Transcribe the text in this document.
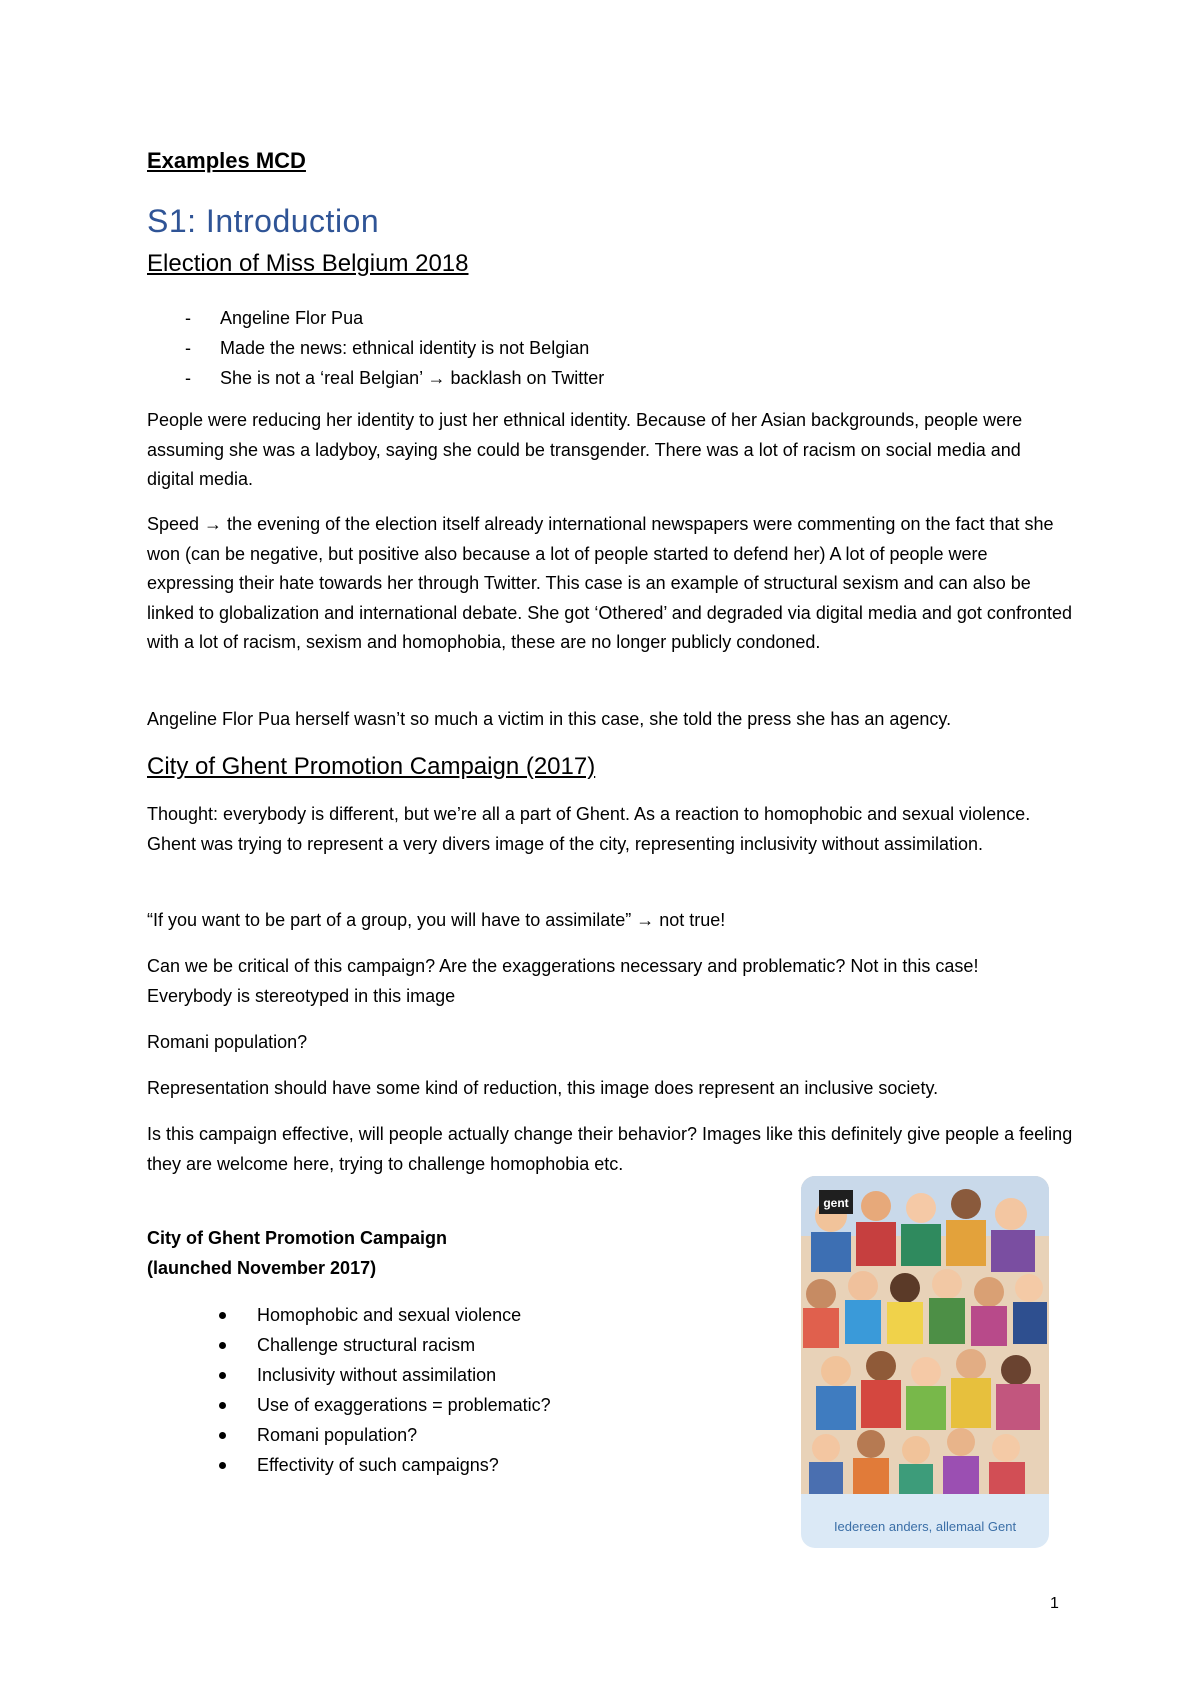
Examples MCD
S1: Introduction
Election of Miss Belgium 2018
- Angeline Flor Pua
- Made the news: ethnical identity is not Belgian
- She is not a ‘real Belgian’ → backlash on Twitter

People were reducing her identity to just her ethnical identity. Because of her Asian backgrounds, people were assuming she was a ladyboy, saying she could be transgender. There was a lot of racism on social media and digital media.

Speed → the evening of the election itself already international newspapers were commenting on the fact that she won (can be negative, but positive also because a lot of people started to defend her) A lot of people were expressing their hate towards her through Twitter. This case is an example of structural sexism and can also be linked to globalization and international debate. She got ‘Othered’ and degraded via digital media and got confronted with a lot of racism, sexism and homophobia, these are no longer publicly condoned.

Angeline Flor Pua herself wasn’t so much a victim in this case, she told the press she has an agency.

City of Ghent Promotion Campaign (2017)

Thought: everybody is different, but we’re all a part of Ghent. As a reaction to homophobic and sexual violence. Ghent was trying to represent a very divers image of the city, representing inclusivity without assimilation.

“If you want to be part of a group, you will have to assimilate” → not true!

Can we be critical of this campaign? Are the exaggerations necessary and problematic? Not in this case! Everybody is stereotyped in this image

Romani population?

Representation should have some kind of reduction, this image does represent an inclusive society.

Is this campaign effective, will people actually change their behavior? Images like this definitely give people a feeling they are welcome here, trying to challenge homophobia etc.

City of Ghent Promotion Campaign

(launched November 2017)

Homophobic and sexual violence
Challenge structural racism
Inclusivity without assimilation
Use of exaggerations = problematic?
Romani population?
Effectivity of such campaigns?
gent
Iedereen anders, allemaal Gent
1
